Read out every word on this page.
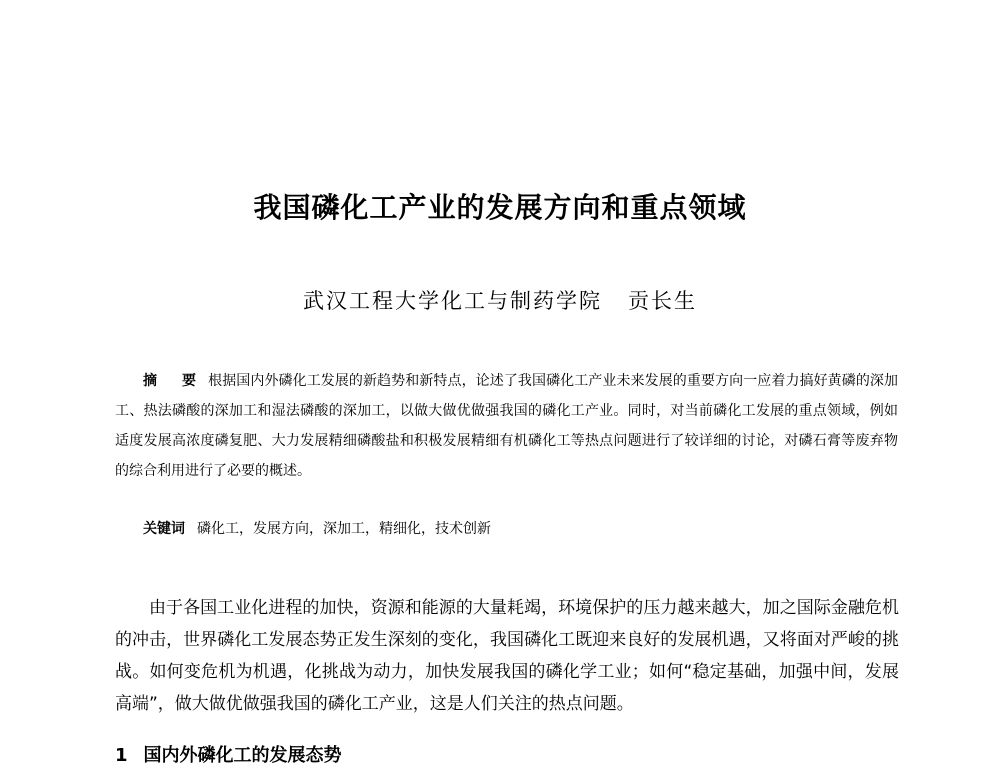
我国磷化工产业的发展方向和重点领域
武汉工程大学化工与制药学院   贡长生
摘 要 根据国内外磷化工发展的新趋势和新特点，论述了我国磷化工产业未来发展的重要方向一应着力搞好黄磷的深加工、热法磷酸的深加工和湿法磷酸的深加工，以做大做优做强我国的磷化工产业。同时，对当前磷化工发展的重点领域，例如适度发展高浓度磷复肥、大力发展精细磷酸盐和积极发展精细有机磷化工等热点问题进行了较详细的讨论，对磷石膏等废弃物的综合利用进行了必要的概述。
关键词 磷化工，发展方向，深加工，精细化，技术创新
由于各国工业化进程的加快，资源和能源的大量耗竭，环境保护的压力越来越大，加之国际金融危机的冲击，世界磷化工发展态势正发生深刻的变化，我国磷化工既迎来良好的发展机遇，又将面对严峻的挑战。如何变危机为机遇，化挑战为动力，加快发展我国的磷化学工业；如何“稳定基础，加强中间，发展高端”，做大做优做强我国的磷化工产业，这是人们关注的热点问题。
1 国内外磷化工的发展态势
